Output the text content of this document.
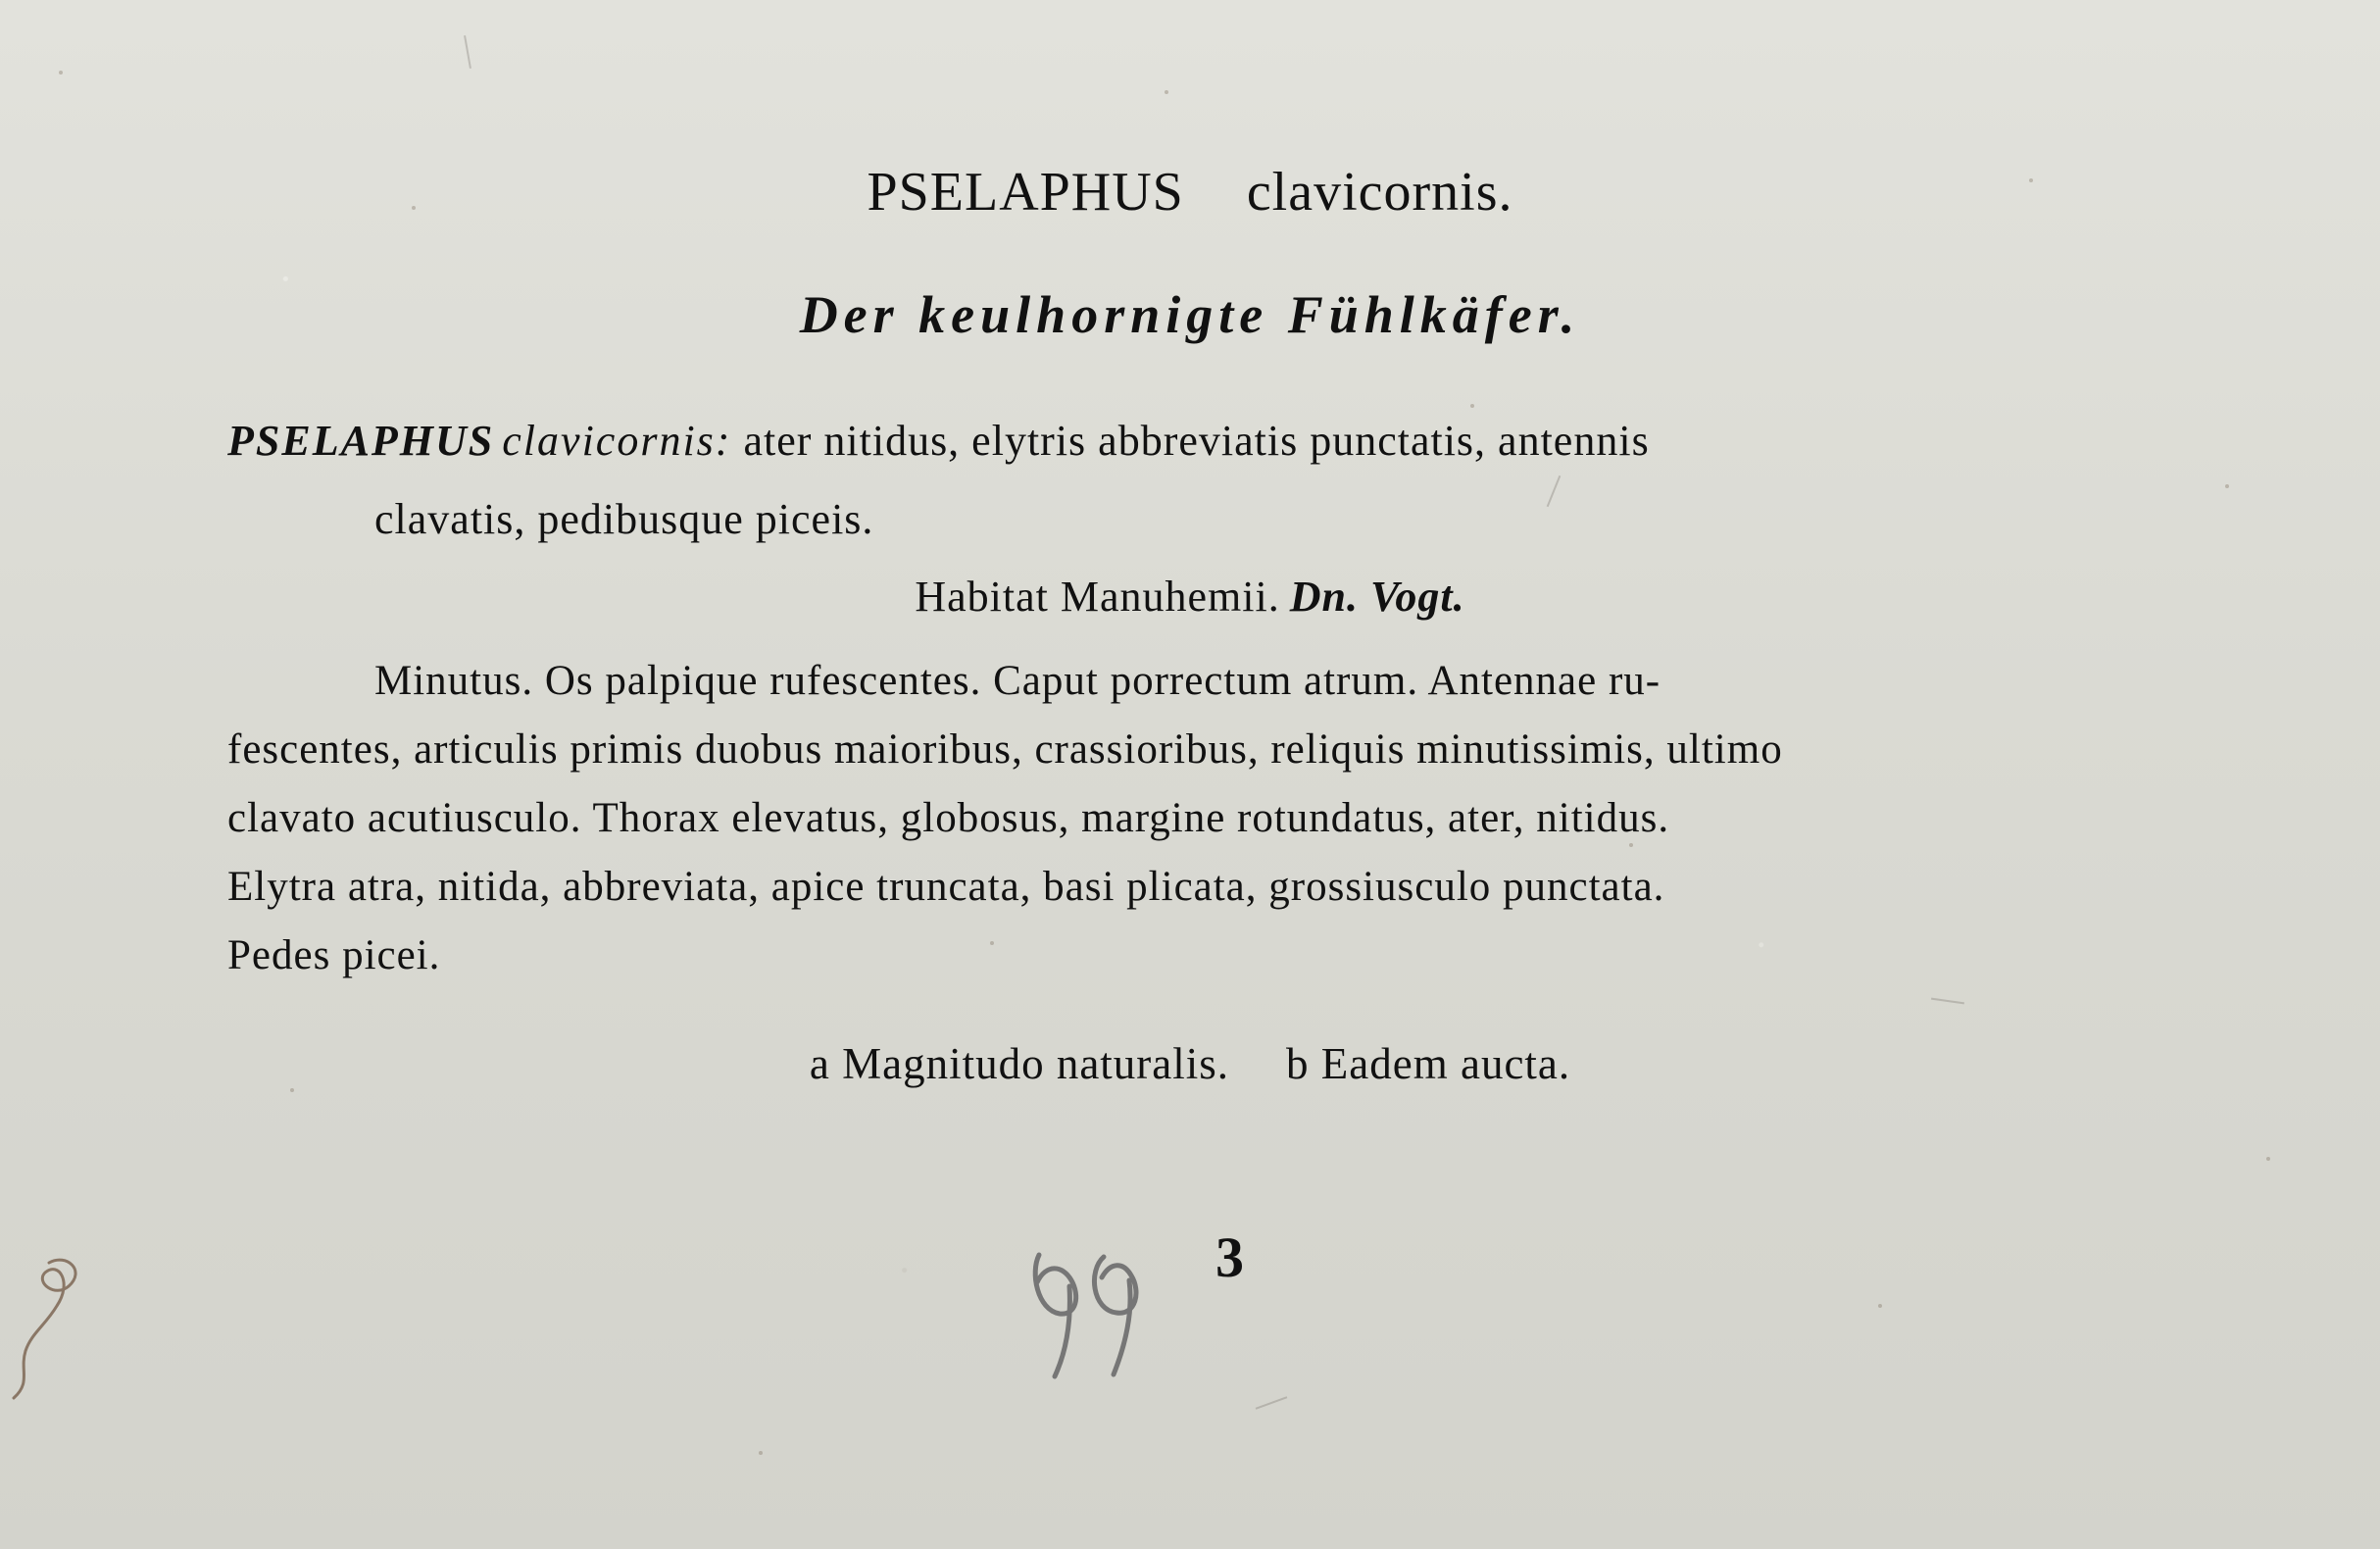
PSELAPHUS clavicornis.
Der keulhornigte Fühlkäfer.
PSELAPHUS clavicornis: ater nitidus, elytris abbreviatis punctatis, antennis
clavatis, pedibusque piceis.
Habitat Manuhemii. Dn. Vogt.
Minutus. Os palpique rufescentes. Caput porrectum atrum. Antennae ru-
fescentes, articulis primis duobus maioribus, crassioribus, reliquis minutissimis, ultimo
clavato acutiusculo. Thorax elevatus, globosus, margine rotundatus, ater, nitidus.
Elytra atra, nitida, abbreviata, apice truncata, basi plicata, grossiusculo punctata.
Pedes picei.
a Magnitudo naturalis. b Eadem aucta.
3
